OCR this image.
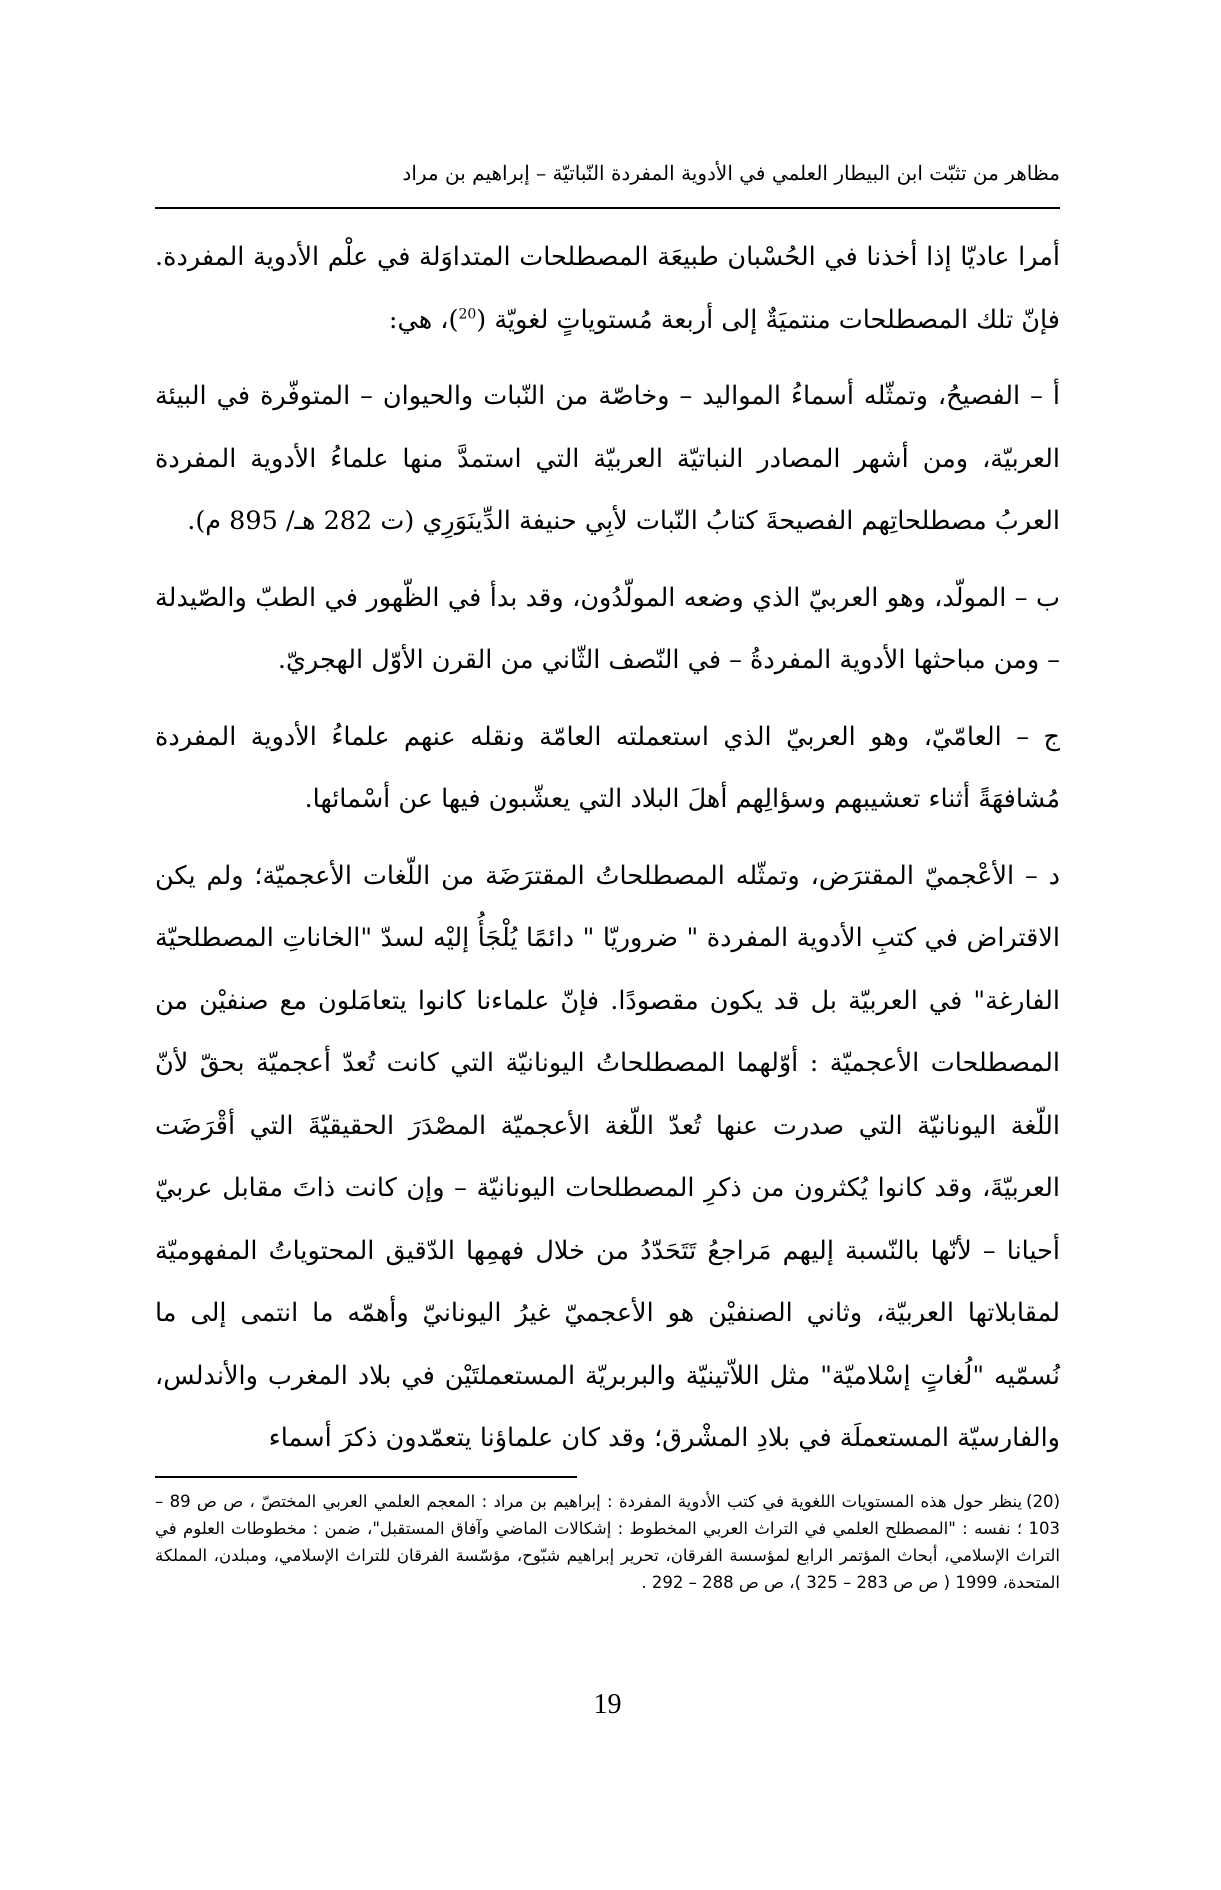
مظاهر من تثبّت ابن البيطار العلمي في الأدوية المفردة النّباتيّة – إبراهيم بن مراد

أمرا عاديّا إذا أخذنا في الحُسْبان طبيعَة المصطلحات المتداوَلة في علْم الأدوية المفردة. فإنّ تلك المصطلحات منتميَةٌ إلى أربعة مُستوياتٍ لغويّة ($^{20}$)، هي:

أ – الفصيحُ، وتمثّله أسماءُ المواليد – وخاصّة من النّبات والحيوان – المتوفّرة في البيئة العربيّة، ومن أشهر المصادر النباتيّة العربيّة التي استمدَّ منها علماءُ الأدوية المفردة العربُ مصطلحاتِهم الفصيحةَ كتابُ النّبات لأبِي حنيفة الدِّينَوَرِي (ت 282 هـ/ 895 م).

ب – المولّد، وهو العربيّ الذي وضعه المولّدُون، وقد بدأ في الظّهور في الطبّ والصّيدلة – ومن مباحثها الأدوية المفردةُ – في النّصف الثّاني من القرن الأوّل الهجريّ.

ج – العامّيّ، وهو العربيّ الذي استعملته العامّة ونقله عنهم علماءُ الأدوية المفردة مُشافهَةً أثناء تعشيبهم وسؤالِهم أهلَ البلاد التي يعشّبون فيها عن أسْمائها.

د – الأعْجميّ المقترَض، وتمثّله المصطلحاتُ المقترَضَة من اللّغات الأعجميّة؛ ولم يكن الاقتراض في كتبِ الأدوية المفردة " ضروريّا " دائمًا يُلْجَأُ إليْه لسدّ "الخاناتِ المصطلحيّة الفارغة" في العربيّة بل قد يكون مقصودًا. فإنّ علماءنا كانوا يتعامَلون مع صنفيْن من المصطلحات الأعجميّة : أوّلهما المصطلحاتُ اليونانيّة التي كانت تُعدّ أعجميّة بحقّ لأنّ اللّغة اليونانيّة التي صدرت عنها تُعدّ اللّغة الأعجميّة المصْدَرَ الحقيقيّةَ التي أقْرَضَت العربيّةَ، وقد كانوا يُكثرون من ذكرِ المصطلحات اليونانيّة – وإن كانت ذاتَ مقابل عربيّ أحيانا – لأنّها بالنّسبة إليهم مَراجعُ تَتَحَدّدُ من خلال فهمِها الدّقيق المحتوياتُ المفهوميّة لمقابلاتها العربيّة، وثاني الصنفيْن هو الأعجميّ غيرُ اليونانيّ وأهمّه ما انتمى إلى ما نُسمّيه "لُغاتٍ إسْلاميّة" مثل اللاّتينيّة والبربريّة المستعملتَيْن في بلاد المغرب والأندلس، والفارسيّة المستعملَة في بلادِ المشْرق؛ وقد كان علماؤنا يتعمّدون ذكرَ أسماء

(20)ينظر حول هذه المستويات اللغوية في كتب الأدوية المفردة : إبراهيم بن مراد : المعجم العلمي العربي المختصّ ، ص ص 89 – 103 ؛ نفسه : "المصطلح العلمي في التراث العربي المخطوط : إشكالات الماضي وآفاق المستقبل"، ضمن : مخطوطات العلوم في التراث الإسلامي، أبحاث المؤتمر الرابع لمؤسسة الفرقان، تحرير إبراهيم شبّوح، مؤسّسة الفرقان للتراث الإسلامي، ومبلدن، المملكة المتحدة، 1999 ( ص ص 283 – 325 )، ص ص 288 – 292 .
19
